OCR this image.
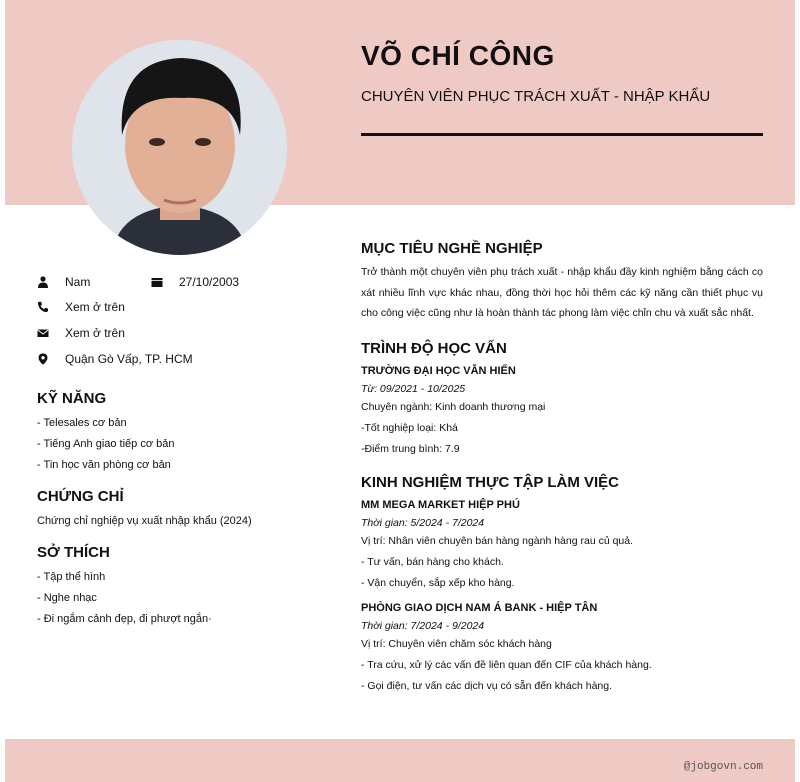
VÕ CHÍ CÔNG
CHUYÊN VIÊN PHỤC TRÁCH XUẤT - NHẬP KHẨU
Nam	27/10/2003
Xem ở trên
Xem ở trên
Quận Gò Vấp, TP. HCM
KỸ NĂNG
- Telesales cơ bản
- Tiếng Anh giao tiếp cơ bản
- Tin học văn phòng cơ bản
CHỨNG CHỈ
Chứng chỉ nghiệp vụ xuất nhập khẩu (2024)
SỞ THÍCH
- Tập thể hình
- Nghe nhạc
- Đi ngắm cảnh đẹp, đi phượt ngắn·
MỤC TIÊU NGHỀ NGHIỆP
Trở thành một chuyên viên phụ trách xuất - nhập khẩu đầy kinh nghiệm bằng cách cọ xát nhiều lĩnh vực khác nhau, đồng thời học hỏi thêm các kỹ năng cần thiết phục vụ cho công việc cũng như là hoàn thành tác phong làm việc chỉn chu và xuất sắc nhất.
TRÌNH ĐỘ HỌC VẤN
TRƯỜNG ĐẠI HỌC VĂN HIẾN
Từ: 09/2021 - 10/2025
Chuyên ngành: Kinh doanh thương mại
-Tốt nghiệp loại: Khá
-Điểm trung bình: 7.9
KINH NGHIỆM THỰC TẬP LÀM VIỆC
MM MEGA MARKET HIỆP PHÚ
Thời gian: 5/2024 - 7/2024
Vị trí: Nhân viên chuyên bán hàng ngành hàng rau củ quả.
- Tư vấn, bán hàng cho khách.
- Vận chuyển, sắp xếp kho hàng.
PHÒNG GIAO DỊCH NAM Á BANK - HIỆP TÂN
Thời gian: 7/2024 - 9/2024
Vị trí: Chuyên viên chăm sóc khách hàng
- Tra cứu, xử lý các vấn đề liên quan đến CIF của khách hàng.
- Gọi điện, tư vấn các dịch vụ có sẵn đến khách hàng.
@jobgovn.com
